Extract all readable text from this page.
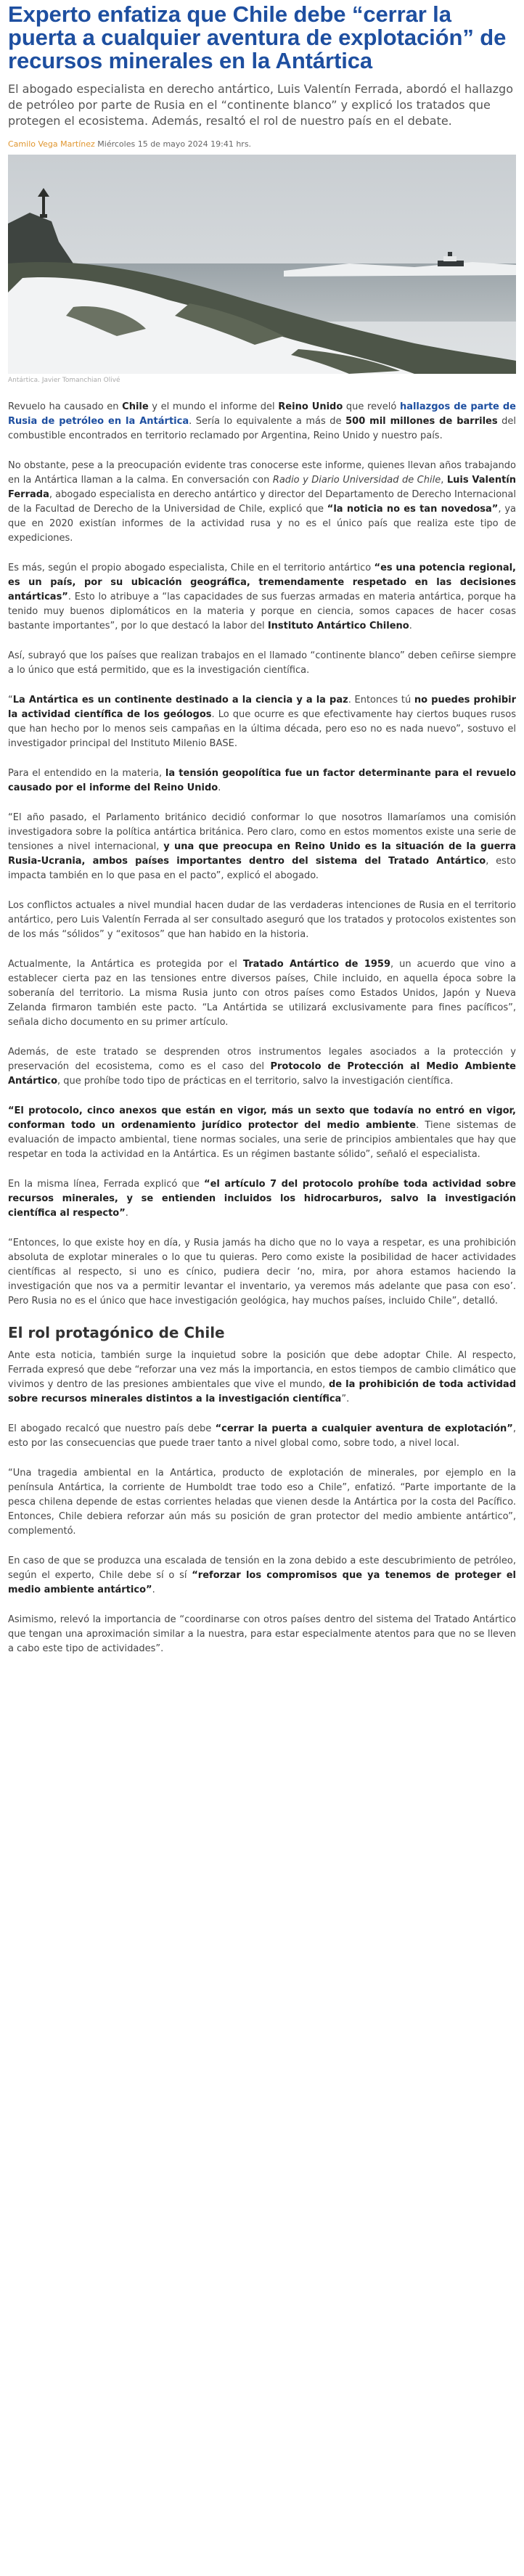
Experto enfatiza que Chile debe “cerrar la puerta a cualquier aventura de explotación” de recursos minerales en la Antártica

El abogado especialista en derecho antártico, Luis Valentín Ferrada, abordó el hallazgo de petróleo por parte de Rusia en el “continente blanco” y explicó los tratados que protegen el ecosistema. Además, resaltó el rol de nuestro país en el debate.

Camilo Vega Martínez Miércoles 15 de mayo 2024 19:41 hrs.
Antártica. Javier Tomanchian Olivé

Revuelo ha causado en Chile y el mundo el informe del Reino Unido que reveló hallazgos de parte de Rusia de petróleo en la Antártica. Sería lo equivalente a más de 500 mil millones de barriles del combustible encontrados en territorio reclamado por Argentina, Reino Unido y nuestro país.

No obstante, pese a la preocupación evidente tras conocerse este informe, quienes llevan años trabajando en la Antártica llaman a la calma. En conversación con Radio y Diario Universidad de Chile, Luis Valentín Ferrada, abogado especialista en derecho antártico y director del Departamento de Derecho Internacional de la Facultad de Derecho de la Universidad de Chile, explicó que “la noticia no es tan novedosa”, ya que en 2020 existían informes de la actividad rusa y no es el único país que realiza este tipo de expediciones.

Es más, según el propio abogado especialista, Chile en el territorio antártico “es una potencia regional, es un país, por su ubicación geográfica, tremendamente respetado en las decisiones antárticas”. Esto lo atribuye a “las capacidades de sus fuerzas armadas en materia antártica, porque ha tenido muy buenos diplomáticos en la materia y porque en ciencia, somos capaces de hacer cosas bastante importantes”, por lo que destacó la labor del Instituto Antártico Chileno.

Así, subrayó que los países que realizan trabajos en el llamado “continente blanco” deben ceñirse siempre a lo único que está permitido, que es la investigación científica.

“La Antártica es un continente destinado a la ciencia y a la paz. Entonces tú no puedes prohibir la actividad científica de los geólogos. Lo que ocurre es que efectivamente hay ciertos buques rusos que han hecho por lo menos seis campañas en la última década, pero eso no es nada nuevo”, sostuvo el investigador principal del Instituto Milenio BASE.

Para el entendido en la materia, la tensión geopolítica fue un factor determinante para el revuelo causado por el informe del Reino Unido.

“El año pasado, el Parlamento británico decidió conformar lo que nosotros llamaríamos una comisión investigadora sobre la política antártica británica. Pero claro, como en estos momentos existe una serie de tensiones a nivel internacional, y una que preocupa en Reino Unido es la situación de la guerra Rusia-Ucrania, ambos países importantes dentro del sistema del Tratado Antártico, esto impacta también en lo que pasa en el pacto”, explicó el abogado.

Los conflictos actuales a nivel mundial hacen dudar de las verdaderas intenciones de Rusia en el territorio antártico, pero Luis Valentín Ferrada al ser consultado aseguró que los tratados y protocolos existentes son de los más “sólidos” y “exitosos” que han habido en la historia.

Actualmente, la Antártica es protegida por el Tratado Antártico de 1959, un acuerdo que vino a establecer cierta paz en las tensiones entre diversos países, Chile incluido, en aquella época sobre la soberanía del territorio. La misma Rusia junto con otros países como Estados Unidos, Japón y Nueva Zelanda firmaron también este pacto. “La Antártida se utilizará exclusivamente para fines pacíficos”, señala dicho documento en su primer artículo.

Además, de este tratado se desprenden otros instrumentos legales asociados a la protección y preservación del ecosistema, como es el caso del Protocolo de Protección al Medio Ambiente Antártico, que prohíbe todo tipo de prácticas en el territorio, salvo la investigación científica.

“El protocolo, cinco anexos que están en vigor, más un sexto que todavía no entró en vigor, conforman todo un ordenamiento jurídico protector del medio ambiente. Tiene sistemas de evaluación de impacto ambiental, tiene normas sociales, una serie de principios ambientales que hay que respetar en toda la actividad en la Antártica. Es un régimen bastante sólido”, señaló el especialista.

En la misma línea, Ferrada explicó que “el artículo 7 del protocolo prohíbe toda actividad sobre recursos minerales, y se entienden incluidos los hidrocarburos, salvo la investigación científica al respecto”.

“Entonces, lo que existe hoy en día, y Rusia jamás ha dicho que no lo vaya a respetar, es una prohibición absoluta de explotar minerales o lo que tu quieras. Pero como existe la posibilidad de hacer actividades científicas al respecto, si uno es cínico, pudiera decir ‘no, mira, por ahora estamos haciendo la investigación que nos va a permitir levantar el inventario, ya veremos más adelante que pasa con eso’. Pero Rusia no es el único que hace investigación geológica, hay muchos países, incluido Chile”, detalló.

El rol protagónico de Chile

Ante esta noticia, también surge la inquietud sobre la posición que debe adoptar Chile. Al respecto, Ferrada expresó que debe “reforzar una vez más la importancia, en estos tiempos de cambio climático que vivimos y dentro de las presiones ambientales que vive el mundo, de la prohibición de toda actividad sobre recursos minerales distintos a la investigación científica”.

El abogado recalcó que nuestro país debe “cerrar la puerta a cualquier aventura de explotación”, esto por las consecuencias que puede traer tanto a nivel global como, sobre todo, a nivel local.

“Una tragedia ambiental en la Antártica, producto de explotación de minerales, por ejemplo en la península Antártica, la corriente de Humboldt trae todo eso a Chile”, enfatizó. “Parte importante de la pesca chilena depende de estas corrientes heladas que vienen desde la Antártica por la costa del Pacífico. Entonces, Chile debiera reforzar aún más su posición de gran protector del medio ambiente antártico”, complementó.

En caso de que se produzca una escalada de tensión en la zona debido a este descubrimiento de petróleo, según el experto, Chile debe sí o sí “reforzar los compromisos que ya tenemos de proteger el medio ambiente antártico”.

Asimismo, relevó la importancia de “coordinarse con otros países dentro del sistema del Tratado Antártico que tengan una aproximación similar a la nuestra, para estar especialmente atentos para que no se lleven a cabo este tipo de actividades”.
